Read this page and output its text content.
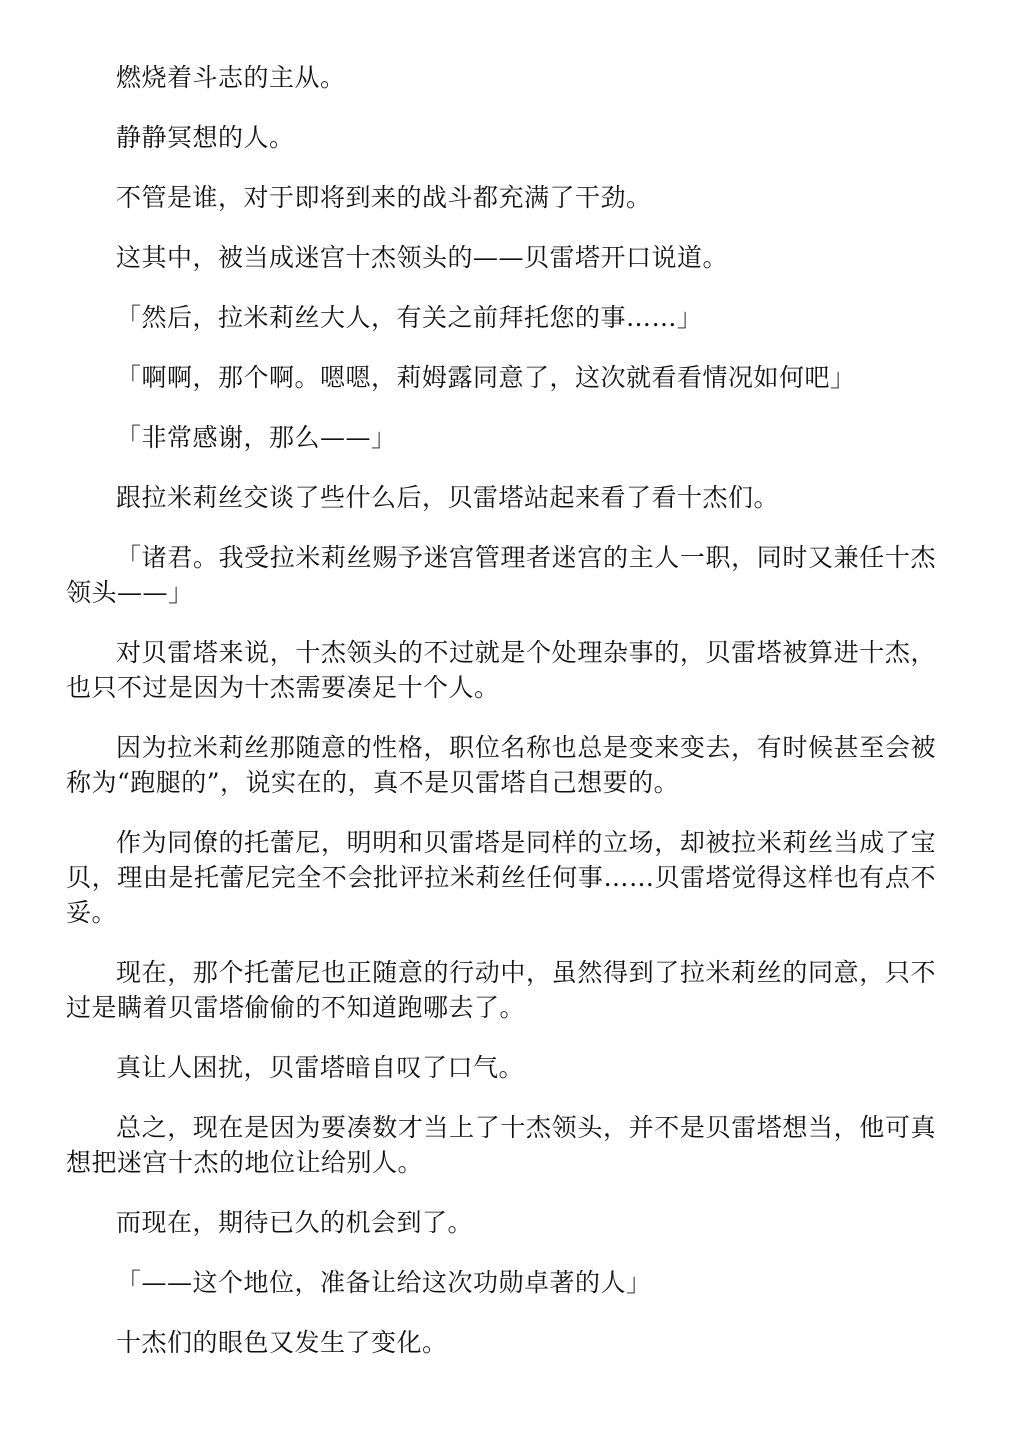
燃烧着斗志的主从。

静静冥想的人。

不管是谁，对于即将到来的战斗都充满了干劲。

这其中，被当成迷宫十杰领头的——贝雷塔开口说道。

「然后，拉米莉丝大人，有关之前拜托您的事……」

「啊啊，那个啊。嗯嗯，莉姆露同意了，这次就看看情况如何吧」

「非常感谢，那么——」

跟拉米莉丝交谈了些什么后，贝雷塔站起来看了看十杰们。

「诸君。我受拉米莉丝赐予迷宫管理者迷宫的主人一职，同时又兼任十杰领头——」

对贝雷塔来说，十杰领头的不过就是个处理杂事的，贝雷塔被算进十杰，也只不过是因为十杰需要凑足十个人。

因为拉米莉丝那随意的性格，职位名称也总是变来变去，有时候甚至会被称为“跑腿的”，说实在的，真不是贝雷塔自己想要的。

作为同僚的托蕾尼，明明和贝雷塔是同样的立场，却被拉米莉丝当成了宝贝，理由是托蕾尼完全不会批评拉米莉丝任何事……贝雷塔觉得这样也有点不妥。

现在，那个托蕾尼也正随意的行动中，虽然得到了拉米莉丝的同意，只不过是瞒着贝雷塔偷偷的不知道跑哪去了。

真让人困扰，贝雷塔暗自叹了口气。

总之，现在是因为要凑数才当上了十杰领头，并不是贝雷塔想当，他可真想把迷宫十杰的地位让给别人。

而现在，期待已久的机会到了。

「——这个地位，准备让给这次功勋卓著的人」

十杰们的眼色又发生了变化。
